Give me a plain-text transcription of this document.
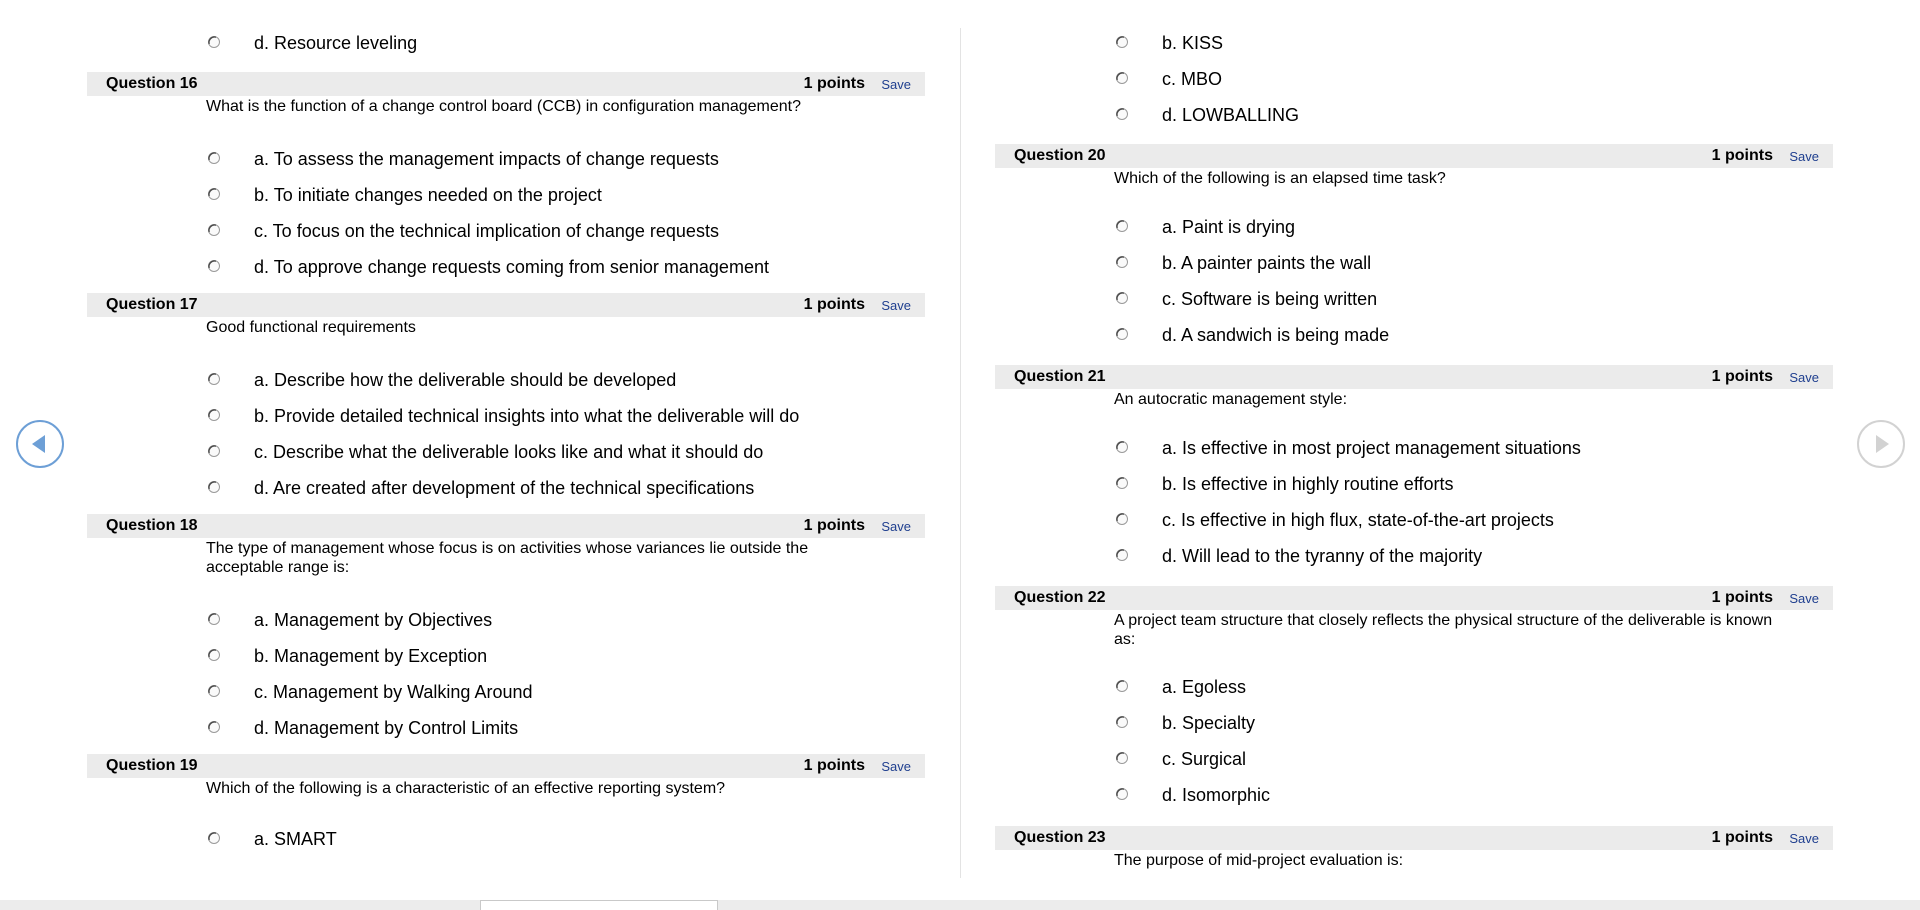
d. Resource leveling
Question 16	1 points Save
What is the function of a change control board (CCB) in configuration management?
a. To assess the management impacts of change requests
b. To initiate changes needed on the project
c. To focus on the technical implication of change requests
d. To approve change requests coming from senior management
Question 17	1 points Save
Good functional requirements
a. Describe how the deliverable should be developed
b. Provide detailed technical insights into what the deliverable will do
c. Describe what the deliverable looks like and what it should do
d. Are created after development of the technical specifications
Question 18	1 points Save
The type of management whose focus is on activities whose variances lie outside the acceptable range is:
a. Management by Objectives
b. Management by Exception
c. Management by Walking Around
d. Management by Control Limits
Question 19	1 points Save
Which of the following is a characteristic of an effective reporting system?
a. SMART
b. KISS
c. MBO
d. LOWBALLING
Question 20	1 points Save
Which of the following is an elapsed time task?
a. Paint is drying
b. A painter paints the wall
c. Software is being written
d. A sandwich is being made
Question 21	1 points Save
An autocratic management style:
a. Is effective in most project management situations
b. Is effective in highly routine efforts
c. Is effective in high flux, state-of-the-art projects
d. Will lead to the tyranny of the majority
Question 22	1 points Save
A project team structure that closely reflects the physical structure of the deliverable is known as:
a. Egoless
b. Specialty
c. Surgical
d. Isomorphic
Question 23	1 points Save
The purpose of mid-project evaluation is:
